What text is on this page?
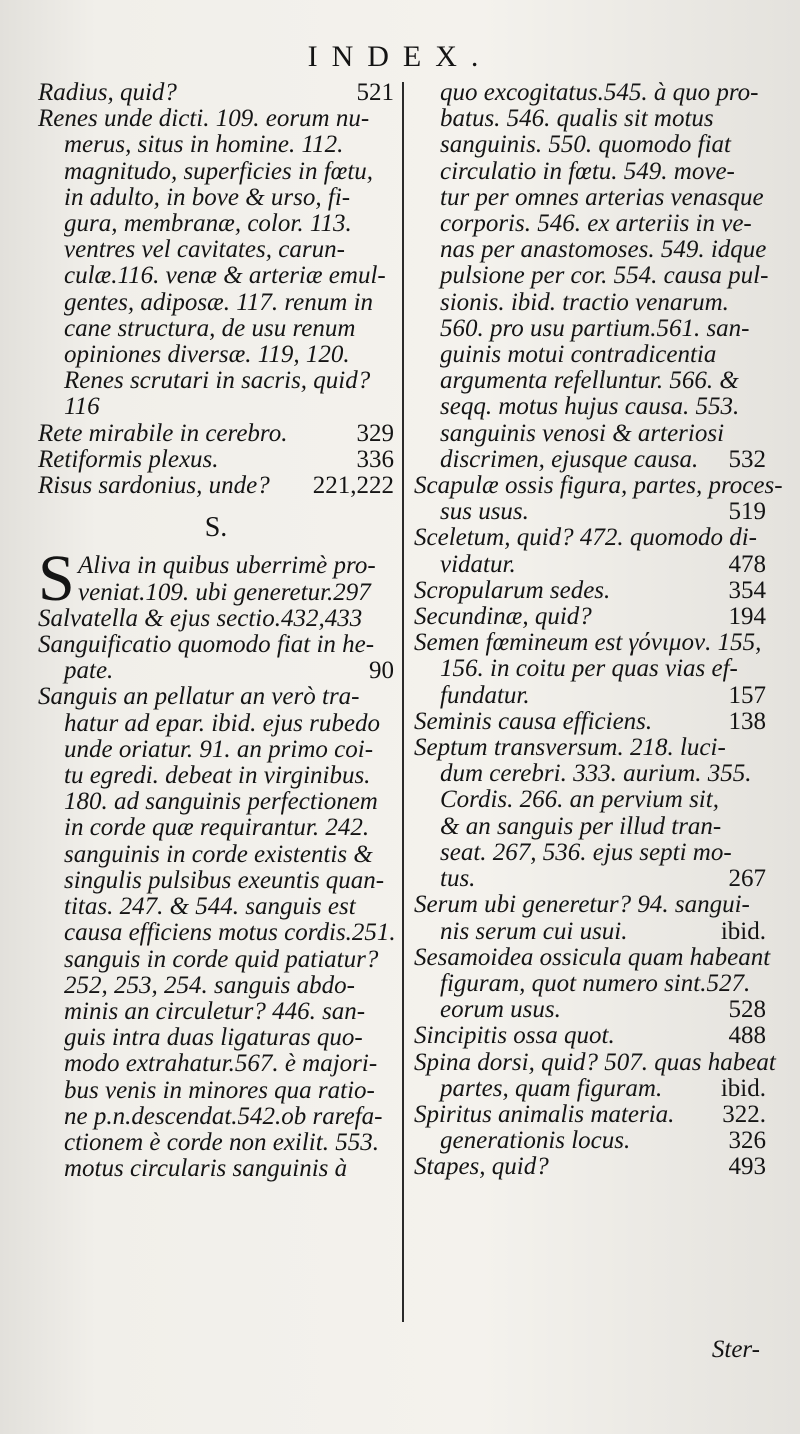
INDEX.
Radius, quid?	521
Renes unde dicti. 109. eorum nu-
merus, situs in homine. 112.
magnitudo, superficies in fœtu,
in adulto, in bove & urso, fi-
gura, membranæ, color. 113.
ventres vel cavitates, carun-
culæ.116. venæ & arteriæ emul-
gentes, adiposæ. 117. renum in
cane structura, de usu renum
opiniones diversæ. 119, 120.
Renes scrutari in sacris, quid?
116
Rete mirabile in cerebro.	329
Retiformis plexus.	336
Risus sardonius, unde? 221,222
S.
S Aliva in quibus uberrimè pro-
veniat.109. ubi generetur.297
Salvatella & ejus sectio.432,433
Sanguificatio quomodo fiat in he-
pate.	90
Sanguis an pellatur an verò tra-
hatur ad epar. ibid. ejus rubedo
unde oriatur. 91. an primo coi-
tu egredi. debeat in virginibus.
180. ad sanguinis perfectionem
in corde quæ requirantur. 242.
sanguinis in corde existentis &
singulis pulsibus exeuntis quan-
titas. 247. & 544. sanguis est
causa efficiens motus cordis.251.
sanguis in corde quid patiatur?
252, 253, 254. sanguis abdo-
minis an circuletur? 446. san-
guis intra duas ligaturas quo-
modo extrahatur.567. è majori-
bus venis in minores qua ratio-
ne p.n.descendat.542.ob rarefa-
ctionem è corde non exilit. 553.
motus circularis sanguinis à
quo excogitatus.545. à quo pro-
batus. 546. qualis sit motus
sanguinis. 550. quomodo fiat
circulatio in fœtu. 549. move-
tur per omnes arterias venasque
corporis. 546. ex arteriis in ve-
nas per anastomoses. 549. idque
pulsione per cor. 554. causa pul-
sionis. ibid. tractio venarum.
560. pro usu partium.561. san-
guinis motui contradicentia
argumenta refelluntur. 566. &
seqq. motus hujus causa. 553.
sanguinis venosi & arteriosi
discrimen, ejusque causa. 532
Scapulæ ossis figura, partes, proces-
sus usus.	519
Sceletum, quid? 472. quomodo di-
vidatur.	478
Scropularum sedes.	354
Secundinæ, quid?	194
Semen fœmineum est γόνιμον. 155,
156. in coitu per quas vias ef-
fundatur.	157
Seminis causa efficiens.	138
Septum transversum. 218. luci-
dum cerebri. 333. aurium. 355.
Cordis. 266. an pervium sit,
& an sanguis per illud tran-
seat. 267, 536. ejus septi mo-
tus.	267
Serum ubi generetur? 94. sangui-
nis serum cui usui.	ibid.
Sesamoidea ossicula quam habeant
figuram, quot numero sint.527.
eorum usus.	528
Sincipitis ossa quot.	488
Spina dorsi, quid? 507. quas habeat
partes, quam figuram. ibid.
Spiritus animalis materia. 322.
generationis locus.	326
Stapes, quid?	493
Ster-
